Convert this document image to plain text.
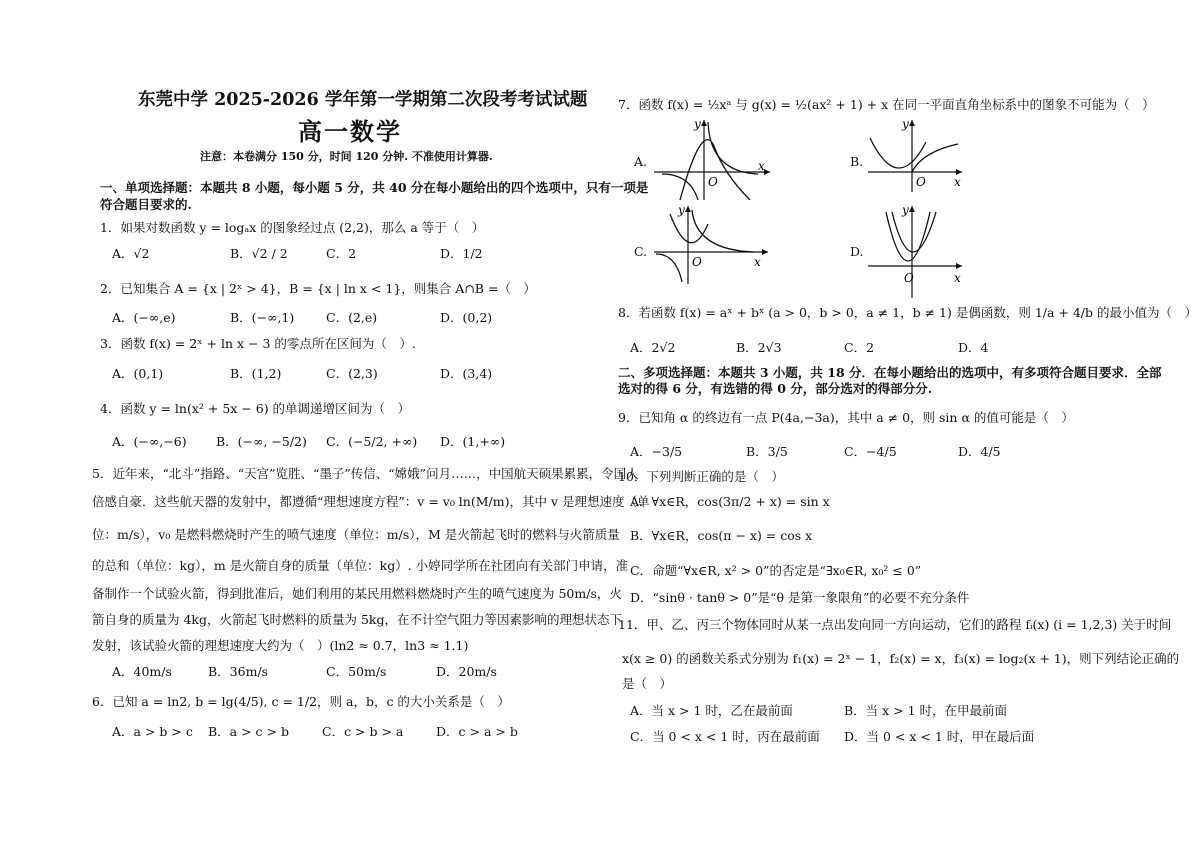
东莞中学 2025-2026 学年第一学期第二次段考考试试题
高一数学
注意：本卷满分 150 分，时间 120 分钟. 不准使用计算器.
一、单项选择题：本题共 8 小题，每小题 5 分，共 40 分在每小题给出的四个选项中，只有一项是
符合题目要求的.
1．如果对数函数 y = logₐx 的图象经过点 (2,2)，那么 a 等于（　）
A．√2	B．√2 / 2	C．2	D．1/2
2．已知集合 A = {x | 2ˣ > 4}，B = {x | ln x < 1}，则集合 A∩B =（　）
A．(−∞,e)	B．(−∞,1)	C．(2,e)	D．(0,2)
3．函数 f(x) = 2ˣ + ln x − 3 的零点所在区间为（　）.
A．(0,1)	B．(1,2)	C．(2,3)	D．(3,4)
4．函数 y = ln(x² + 5x − 6) 的单调递增区间为（　）
A．(−∞,−6) B．(−∞, −5/2) C．(−5/2, +∞) D．(1,+∞)
5．近年来，“北斗”指路、“天宫”览胜、“墨子”传信、“嫦娥”问月……，中国航天硕果累累，令国人
倍感自豪．这些航天器的发射中，都遵循“理想速度方程”：v = v₀ ln(M/m)，其中 v 是理想速度（单
位：m/s），v₀ 是燃料燃烧时产生的喷气速度（单位：m/s），M 是火箭起飞时的燃料与火箭质量
的总和（单位：kg），m 是火箭自身的质量（单位：kg）. 小婷同学所在社团向有关部门申请，准
备制作一个试验火箭，得到批准后，她们利用的某民用燃料燃烧时产生的喷气速度为 50m/s，火
箭自身的质量为 4kg，火箭起飞时燃料的质量为 5kg，在不计空气阻力等因素影响的理想状态下
发射，该试验火箭的理想速度大约为（　）(ln2 ≈ 0.7，ln3 ≈ 1.1)
A．40m/s	B．36m/s	C．50m/s	D．20m/s
6．已知 a = ln2, b = lg(4/5), c = 1/2，则 a，b，c 的大小关系是（　）
A．a > b > c B．a > c > b	C．c > b > a	D．c > a > b
7．函数 f(x) = ½xᵃ 与 g(x) = ½(ax² + 1) + x 在同一平面直角坐标系中的图象不可能为（　）
A.
y
O
x	B.
y
O x
C.
y
O	x
D.
y
O	x
8．若函数 f(x) = aˣ + bˣ (a > 0，b > 0，a ≠ 1，b ≠ 1) 是偶函数，则 1/a + 4/b 的最小值为（　）
A．2√2	B．2√3	C．2	D．4
二、多项选择题：本题共 3 小题，共 18 分．在每小题给出的选项中，有多项符合题目要求．全部
选对的得 6 分，有选错的得 0 分，部分选对的得部分分.
9．已知角 α 的终边有一点 P(4a,−3a)，其中 a ≠ 0，则 sin α 的值可能是（　）
A．−3/5	B．3/5	C．−4/5	D．4/5
10．下列判断正确的是（　）
A．∀x∈R，cos(3π/2 + x) = sin x
B．∀x∈R，cos(π − x) = cos x
C．命题“∀x∈R, x² > 0”的否定是“∃x₀∈R, x₀² ≤ 0”
D．“sinθ · tanθ > 0”是“θ 是第一象限角”的必要不充分条件
11．甲、乙、丙三个物体同时从某一点出发向同一方向运动，它们的路程 fᵢ(x) (i = 1,2,3) 关于时间
x(x ≥ 0) 的函数关系式分别为 f₁(x) = 2ˣ − 1，f₂(x) = x，f₃(x) = log₂(x + 1)，则下列结论正确的
是（　）
A．当 x > 1 时，乙在最前面	B．当 x > 1 时，在甲最前面
C．当 0 < x < 1 时，丙在最前面 D．当 0 < x < 1 时，甲在最后面
